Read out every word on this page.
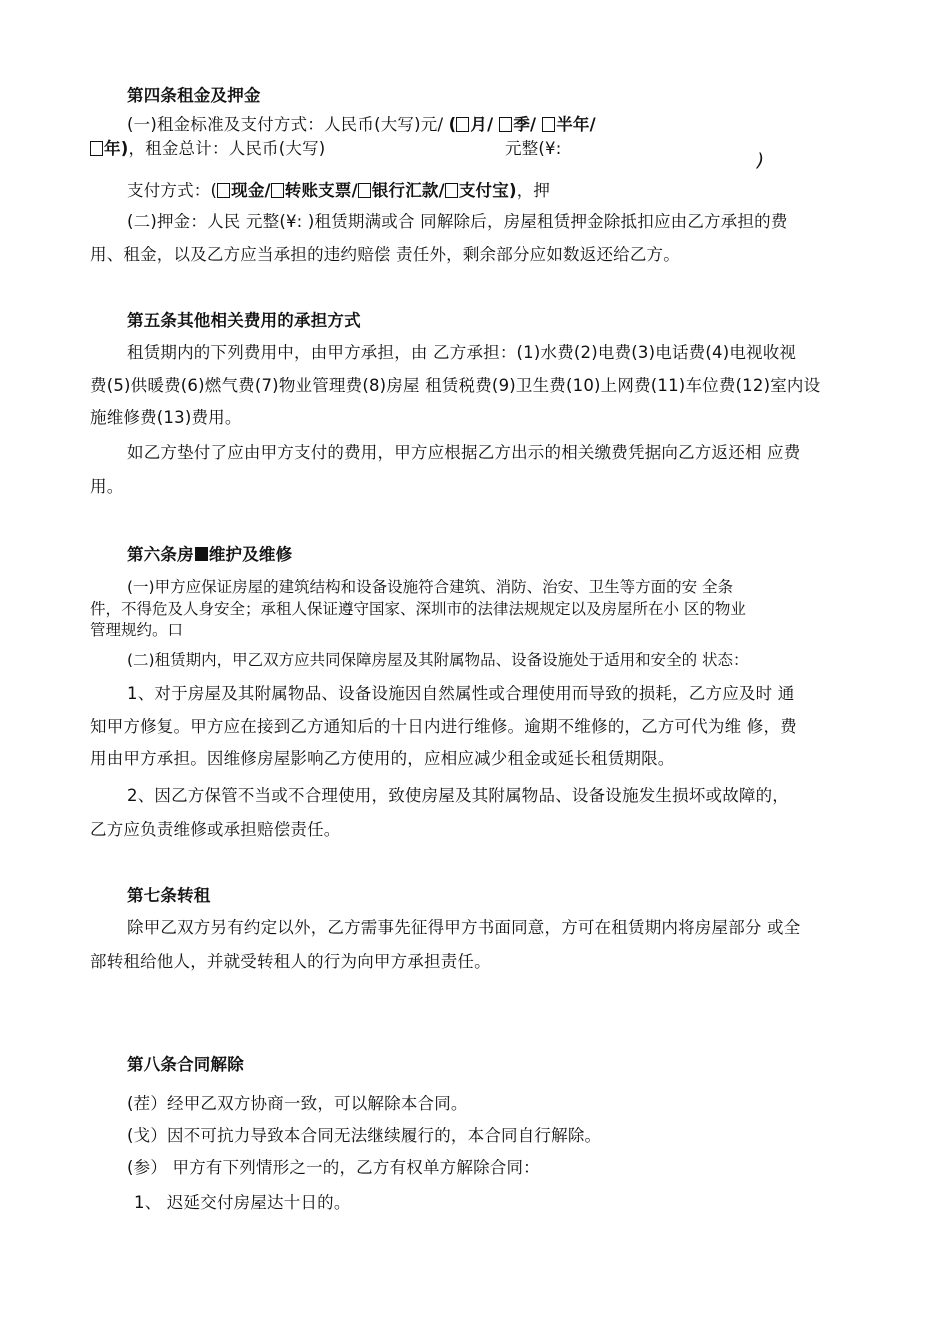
第四条租金及押金
(一)租金标准及支付方式：人民币(大写)元/ ( 月/ 季/ 半年/
年)，租金总计：人民币(大写)	元整(¥:
)
支付方式：( 现金/ 转账支票/ 银行汇款/ 支付宝)，押
(二)押金：人民 元整(¥: )租赁期满或合 同解除后，房屋租赁押金除抵扣应由乙方承担的费
用、租金，以及乙方应当承担的违约赔偿 责任外，剩余部分应如数返还给乙方。
第五条其他相关费用的承担方式
租赁期内的下列费用中，由甲方承担，由 乙方承担：(1)水费(2)电费(3)电话费(4)电视收视
费(5)供暖费(6)燃气费(7)物业管理费(8)房屋 租赁税费(9)卫生费(10)上网费(11)车位费(12)室内设
施维修费(13)费用。
如乙方垫付了应由甲方支付的费用，甲方应根据乙方出示的相关缴费凭据向乙方返还相 应费
用。
第六条房 维护及维修
(一)甲方应保证房屋的建筑结构和设备设施符合建筑、消防、治安、卫生等方面的安 全条
件，不得危及人身安全；承租人保证遵守国家、深圳市的法律法规规定以及房屋所在小 区的物业
管理规约。口
(二)租赁期内，甲乙双方应共同保障房屋及其附属物品、设备设施处于适用和安全的 状态：
1、对于房屋及其附属物品、设备设施因自然属性或合理使用而导致的损耗，乙方应及时 通
知甲方修复。甲方应在接到乙方通知后的十日内进行维修。逾期不维修的，乙方可代为维 修，费
用由甲方承担。因维修房屋影响乙方使用的，应相应减少租金或延长租赁期限。
2、因乙方保管不当或不合理使用，致使房屋及其附属物品、设备设施发生损坏或故障的，
乙方应负责维修或承担赔偿责任。
第七条转租
除甲乙双方另有约定以外，乙方需事先征得甲方书面同意，方可在租赁期内将房屋部分 或全
部转租给他人，并就受转租人的行为向甲方承担责任。
第八条合同解除
(茬）经甲乙双方协商一致，可以解除本合同。
(戈）因不可抗力导致本合同无法继续履行的，本合同自行解除。
(参） 甲方有下列情形之一的，乙方有权单方解除合同：
1、 迟延交付房屋达十日的。
